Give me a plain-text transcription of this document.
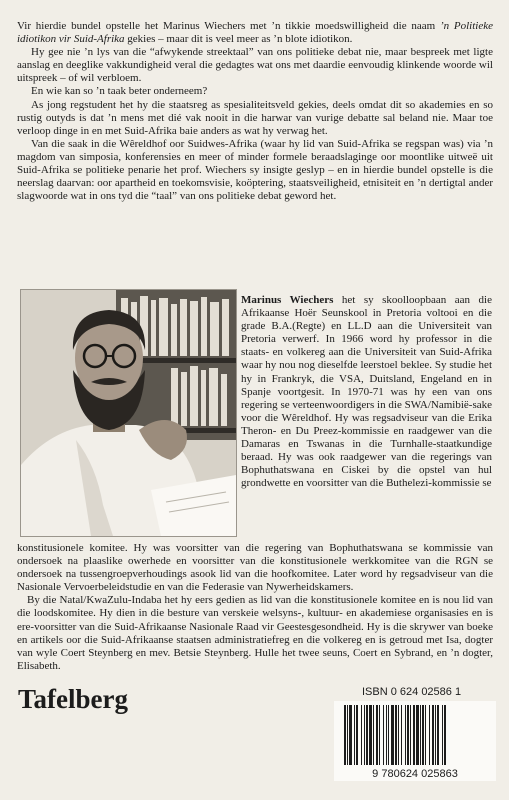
Vir hierdie bundel opstelle het Marinus Wiechers met ’n tikkie moedswilligheid die naam ’n Politieke idiotikon vir Suid-Afrika gekies – maar dit is veel meer as ’n blote idiotikon.

Hy gee nie ’n lys van die “afwykende streektaal” van ons politieke debat nie, maar bespreek met ligte aanslag en deeglike vakkundigheid veral die gedagtes wat ons met daardie eenvoudig klinkende woorde wil uitspreek – of wil verbloem.

En wie kan so ’n taak beter onderneem?

As jong regstudent het hy die staatsreg as spesialiteitsveld gekies, deels omdat dit so akademies en so rustig outyds is dat ’n mens met dié vak nooit in die harwar van vurige debatte sal beland nie. Maar toe verloop dinge in en met Suid-Afrika baie anders as wat hy verwag het.

Van die saak in die Wêreldhof oor Suidwes-Afrika (waar hy lid van Suid-Afrika se regspan was) via ’n magdom van simposia, konferensies en meer of minder formele beraadslaginge oor moontlike uitweë uit Suid-Afrika se politieke penarie het prof. Wiechers sy insigte geslyp – en in hierdie bundel opstelle is die neerslag daarvan: oor apartheid en toekomsvisie, koöptering, staatsveiligheid, etnisiteit en ’n dertigtal ander slagwoorde wat in ons tyd die “taal” van ons politieke debat geword het.

Marinus Wiechers het sy skoolloopbaan aan die Afrikaanse Hoër Seunskool in Pretoria voltooi en die grade B.A.(Regte) en LL.D aan die Universiteit van Pretoria verwerf. In 1966 word hy professor in die staats- en volkereg aan die Universiteit van Suid-Afrika waar hy nou nog dieselfde leerstoel beklee. Sy studie het hy in Frankryk, die VSA, Duitsland, Engeland en in Spanje voortgesit. In 1970-71 was hy een van ons regering se verteenwoordigers in die SWA/Namibië-sake voor die Wêreldhof. Hy was regsadviseur van die Erika Theron- en Du Preez-kommissie en raadgewer van die Damaras en Tswanas in die Turnhalle-staatkundige beraad. Hy was ook raadgewer van die regerings van Bophuthatswana en Ciskei by die opstel van hul grondwette en voorsitter van die Buthelezi-kommissie se

konstitusionele komitee. Hy was voorsitter van die regering van Bophuthatswana se kommissie van ondersoek na plaaslike owerhede en voorsitter van die konstitusionele werkkomitee van die RGN se ondersoek na tussengroepverhoudings asook lid van die hoofkomitee. Later word hy regsadviseur van die Nasionale Vervoerbeleidstudie en van die Federasie van Nywerheidskamers.

By die Natal/KwaZulu-Indaba het hy eers gedien as lid van die konstitusionele komitee en is nou lid van die loodskomitee. Hy dien in die besture van verskeie welsyns-, kultuur- en akademiese organisasies en is ere-voorsitter van die Suid-Afrikaanse Nasionale Raad vir Geestesgesondheid. Hy is die skrywer van boeke en artikels oor die Suid-Afrikaanse staatsen administratiefreg en die volkereg en is getroud met Isa, dogter van wyle Coert Steynberg en mev. Betsie Steynberg. Hulle het twee seuns, Coert en Sybrand, en ’n dogter, Elisabeth.

Tafelberg	ISBN 0 624 02586 1
9 780624 025863
